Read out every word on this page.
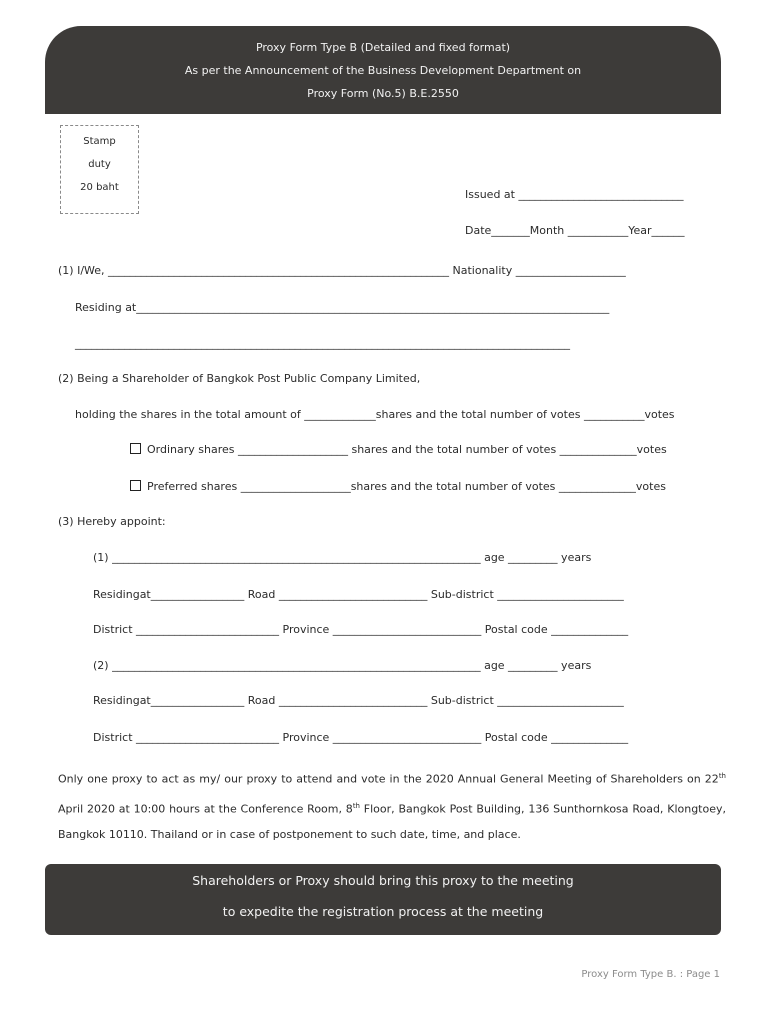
Proxy Form Type B (Detailed and fixed format)
As per the Announcement of the Business Development Department on
Proxy Form (No.5) B.E.2550
Stamp
duty
20 baht
Issued at ______________________________
Date_______Month ___________Year______
(1) I/We, ______________________________________________________________ Nationality ____________________
Residing at______________________________________________________________________________________
__________________________________________________________________________________________
(2) Being a Shareholder of Bangkok Post Public Company Limited,
holding the shares in the total amount of _____________shares and the total number of votes ___________votes
Ordinary shares ____________________ shares and the total number of votes ______________votes
Preferred shares ____________________shares and the total number of votes ______________votes
(3) Hereby appoint:
(1) ___________________________________________________________________ age _________ years
Residingat_________________ Road ___________________________ Sub-district _______________________
District __________________________ Province ___________________________ Postal code ______________
(2) ___________________________________________________________________ age _________ years
Residingat_________________ Road ___________________________ Sub-district _______________________
District __________________________ Province ___________________________ Postal code ______________
Only one proxy to act as my/ our proxy to attend and vote in the 2020 Annual General Meeting of Shareholders on 22th April 2020 at 10:00 hours at the Conference Room, 8th Floor, Bangkok Post Building, 136 Sunthornkosa Road, Klongtoey, Bangkok 10110. Thailand or in case of postponement to such date, time, and place.
Shareholders or Proxy should bring this proxy to the meeting
to expedite the registration process at the meeting
Proxy Form Type B. : Page 1
